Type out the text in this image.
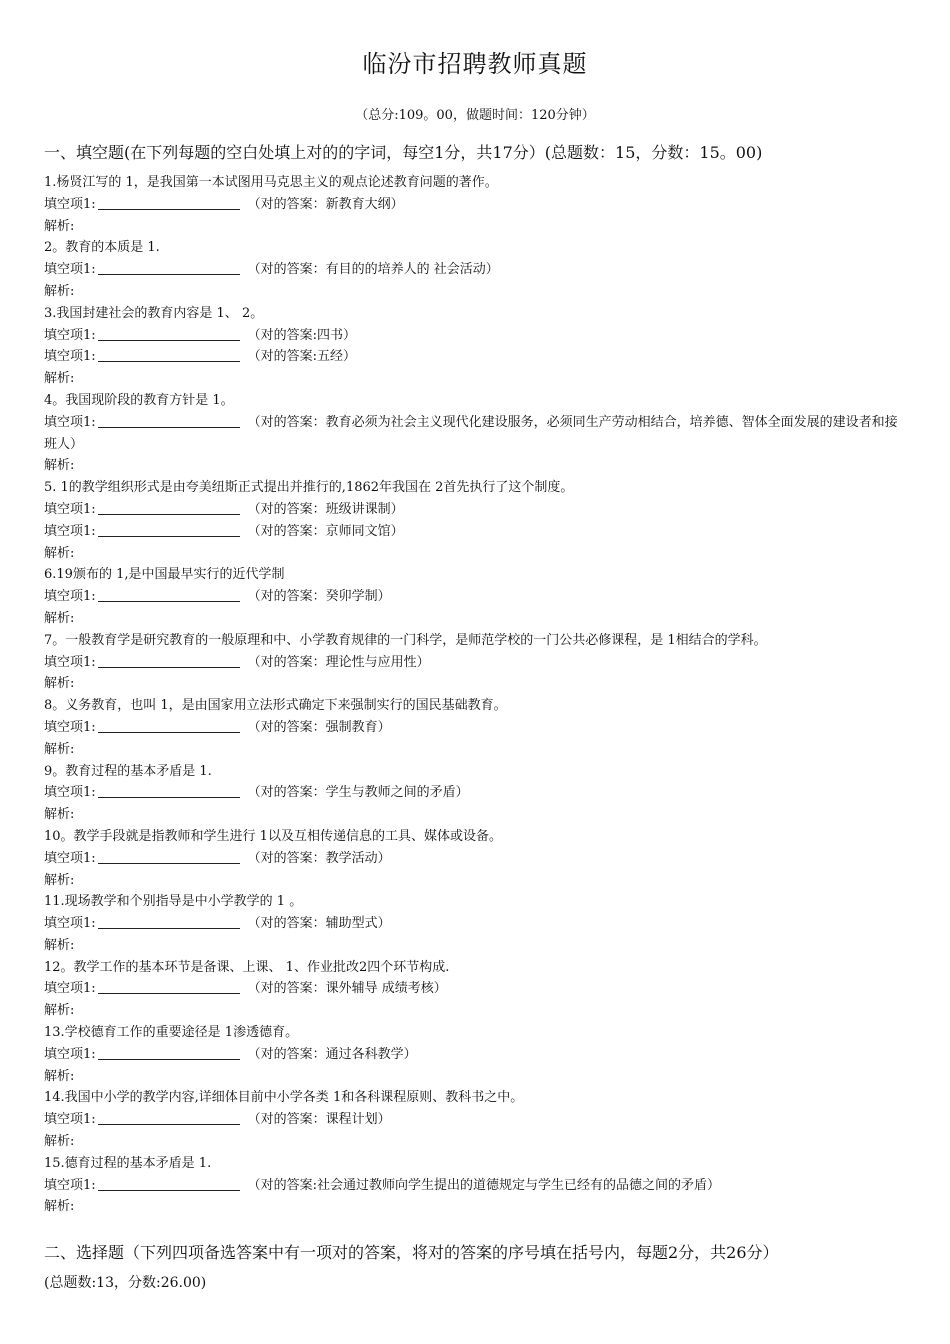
临汾市招聘教师真题
（总分:109。00，做题时间：120分钟）
一、填空题(在下列每题的空白处填上对的的字词，每空1分，共17分）(总题数：15，分数：15。00)
1.杨贤江写的 1，是我国第一本试图用马克思主义的观点论述教育问题的著作。
填空项1:	（对的答案：新教育大纲）
解析:
2。教育的本质是 1.
填空项1:	（对的答案：有目的的培养人的 社会活动）
解析:
3.我国封建社会的教育内容是 1、 2。
填空项1:	（对的答案:四书）
填空项1:	（对的答案:五经）
解析:
4。我国现阶段的教育方针是 1。
填空项1:	（对的答案：教育必须为社会主义现代化建设服务，必须同生产劳动相结合，培养德、智体全面发展的建设者和接班人）
解析:
5. 1的教学组织形式是由夸美纽斯正式提出并推行的,1862年我国在 2首先执行了这个制度。
填空项1:	（对的答案：班级讲课制）
填空项1:	（对的答案：京师同文馆）
解析:
6.19颁布的 1,是中国最早实行的近代学制
填空项1:	（对的答案：癸卯学制）
解析:
7。一般教育学是研究教育的一般原理和中、小学教育规律的一门科学，是师范学校的一门公共必修课程，是 1相结合的学科。
填空项1:	（对的答案：理论性与应用性）
解析:
8。义务教育，也叫 1，是由国家用立法形式确定下来强制实行的国民基础教育。
填空项1:	（对的答案：强制教育）
解析:
9。教育过程的基本矛盾是 1.
填空项1:	（对的答案：学生与教师之间的矛盾）
解析:
10。教学手段就是指教师和学生进行 1以及互相传递信息的工具、媒体或设备。
填空项1:	（对的答案：教学活动）
解析:
11.现场教学和个别指导是中小学教学的 1 。
填空项1:	（对的答案：辅助型式）
解析:
12。教学工作的基本环节是备课、上课、 1、作业批改2四个环节构成.
填空项1:	（对的答案：课外辅导 成绩考核）
解析:
13.学校德育工作的重要途径是 1渗透德育。
填空项1:	（对的答案：通过各科教学）
解析:
14.我国中小学的教学内容,详细体目前中小学各类 1和各科课程原则、教科书之中。
填空项1:	（对的答案：课程计划）
解析:
15.德育过程的基本矛盾是 1.
填空项1:	（对的答案:社会通过教师向学生提出的道德规定与学生已经有的品德之间的矛盾）
解析:
二、选择题（下列四项备选答案中有一项对的答案，将对的答案的序号填在括号内，每题2分，共26分）
(总题数:13，分数:26.00)
